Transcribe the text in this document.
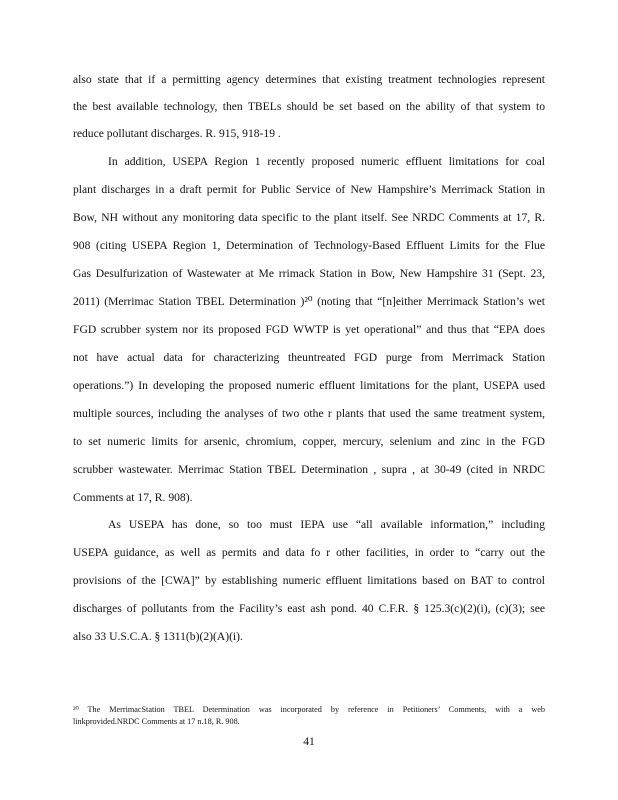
also state that if a permitting agency determines that existing treatment technologies represent
the best available technology, then TBELs should be set based on the ability of that system to
reduce pollutant discharges. R. 915, 918-19 .
In addition, USEPA Region 1 recently proposed numeric effluent limitations for coal
plant discharges in a draft permit for Public Service of New Hampshire’s Merrimack Station in
Bow, NH without any monitoring data specific to the plant itself. See NRDC Comments at 17, R.
908 (citing USEPA Region 1, Determination of Technology-Based Effluent Limits for the Flue
Gas Desulfurization of Wastewater at Me rrimack Station in Bow, New Hampshire 31 (Sept. 23,
2011) (Merrimac Station TBEL Determination )²⁰ (noting that “[n]either Merrimack Station’s wet
FGD scrubber system nor its proposed FGD WWTP is yet operational” and thus that “EPA does
not have actual data for characterizing theuntreated FGD purge from Merrimack Station
operations.”) In developing the proposed numeric effluent limitations for the plant, USEPA used
multiple sources, including the analyses of two othe r plants that used the same treatment system,
to set numeric limits for arsenic, chromium, copper, mercury, selenium and zinc in the FGD
scrubber wastewater. Merrimac Station TBEL Determination , supra , at 30-49 (cited in NRDC
Comments at 17, R. 908).
As USEPA has done, so too must IEPA use “all available information,” including
USEPA guidance, as well as permits and data fo r other facilities, in order to “carry out the
provisions of the [CWA]” by establishing numeric effluent limitations based on BAT to control
discharges of pollutants from the Facility’s east ash pond. 40 C.F.R. § 125.3(c)(2)(i), (c)(3); see
also 33 U.S.C.A. § 1311(b)(2)(A)(i).
²⁰ The MerrimacStation TBEL Determination was incorporated by reference in Petitioners’ Comments, with a web
linkprovided.NRDC Comments at 17 n.18, R. 908.
41
